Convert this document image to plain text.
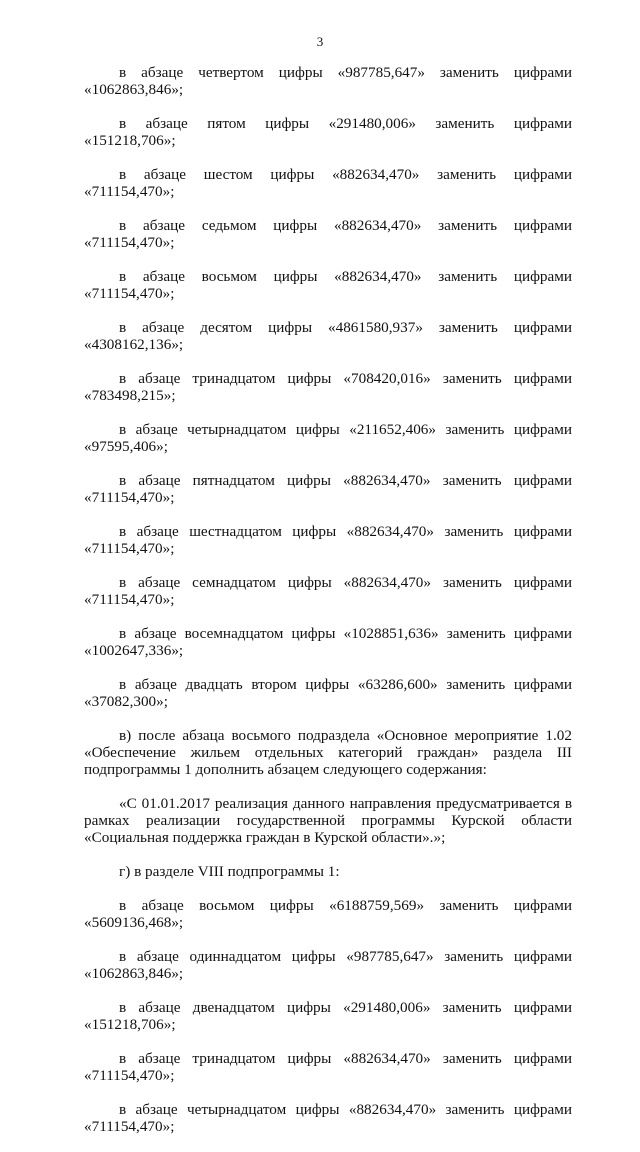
3
в абзаце четвертом цифры «987785,647» заменить цифрами
«1062863,846»;
в абзаце пятом цифры «291480,006» заменить цифрами
«151218,706»;
в абзаце шестом цифры «882634,470» заменить цифрами
«711154,470»;
в абзаце седьмом цифры «882634,470» заменить цифрами
«711154,470»;
в абзаце восьмом цифры «882634,470» заменить цифрами
«711154,470»;
в абзаце десятом цифры «4861580,937» заменить цифрами
«4308162,136»;
в абзаце тринадцатом цифры «708420,016» заменить цифрами
«783498,215»;
в абзаце четырнадцатом цифры «211652,406» заменить цифрами
«97595,406»;
в абзаце пятнадцатом цифры «882634,470» заменить цифрами
«711154,470»;
в абзаце шестнадцатом цифры «882634,470» заменить цифрами
«711154,470»;
в абзаце семнадцатом цифры «882634,470» заменить цифрами
«711154,470»;
в абзаце восемнадцатом цифры «1028851,636» заменить цифрами
«1002647,336»;
в абзаце двадцать втором цифры «63286,600» заменить цифрами
«37082,300»;

в) после абзаца восьмого подраздела «Основное мероприятие 1.02 «Обеспечение жильем отдельных категорий граждан» раздела III подпрограммы 1 дополнить абзацем следующего содержания:

«С 01.01.2017 реализация данного направления предусматривается в рамках реализации государственной программы Курской области «Социальная поддержка граждан в Курской области».»;

г) в разделе VIII подпрограммы 1:

в абзаце восьмом цифры «6188759,569» заменить цифрами
«5609136,468»;
в абзаце одиннадцатом цифры «987785,647» заменить цифрами
«1062863,846»;
в абзаце двенадцатом цифры «291480,006» заменить цифрами
«151218,706»;
в абзаце тринадцатом цифры «882634,470» заменить цифрами
«711154,470»;
в абзаце четырнадцатом цифры «882634,470» заменить цифрами
«711154,470»;
